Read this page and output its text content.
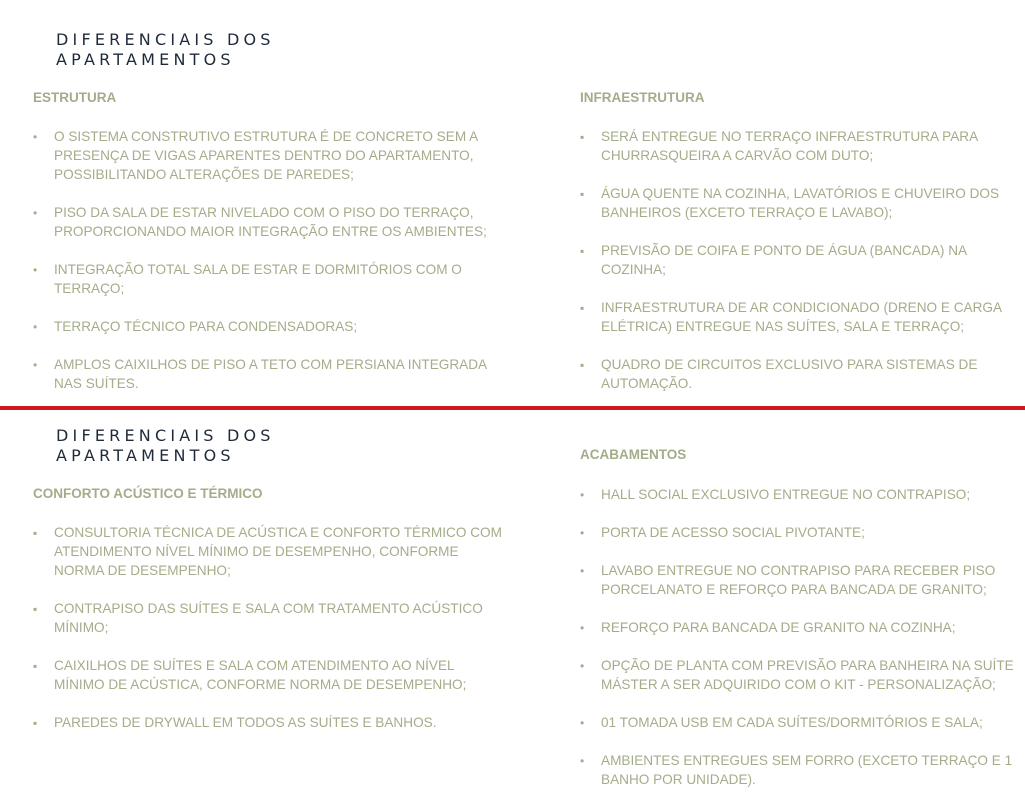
DIFERENCIAIS DOS
APARTAMENTOS
ESTRUTURA
•
O SISTEMA CONSTRUTIVO ESTRUTURA É DE CONCRETO SEM A
PRESENÇA DE VIGAS APARENTES DENTRO DO APARTAMENTO,
POSSIBILITANDO ALTERAÇÕES DE PAREDES;
•
PISO DA SALA DE ESTAR NIVELADO COM O PISO DO TERRAÇO,
PROPORCIONANDO MAIOR INTEGRAÇÃO ENTRE OS AMBIENTES;
•
INTEGRAÇÃO TOTAL SALA DE ESTAR E DORMITÓRIOS COM O
TERRAÇO;
•
TERRAÇO TÉCNICO PARA CONDENSADORAS;
•
AMPLOS CAIXILHOS DE PISO A TETO COM PERSIANA INTEGRADA
NAS SUÍTES.
INFRAESTRUTURA
▪
SERÁ ENTREGUE NO TERRAÇO INFRAESTRUTURA PARA
CHURRASQUEIRA A CARVÃO COM DUTO;
▪
ÁGUA QUENTE NA COZINHA, LAVATÓRIOS E CHUVEIRO DOS
BANHEIROS (EXCETO TERRAÇO E LAVABO);
▪
PREVISÃO DE COIFA E PONTO DE ÁGUA (BANCADA) NA
COZINHA;
▪
INFRAESTRUTURA DE AR CONDICIONADO (DRENO E CARGA
ELÉTRICA) ENTREGUE NAS SUÍTES, SALA E TERRAÇO;
▪
QUADRO DE CIRCUITOS EXCLUSIVO PARA SISTEMAS DE
AUTOMAÇÃO.
DIFERENCIAIS DOS
APARTAMENTOS
CONFORTO ACÚSTICO E TÉRMICO
▪
CONSULTORIA TÉCNICA DE ACÚSTICA E CONFORTO TÉRMICO COM
ATENDIMENTO NÍVEL MÍNIMO DE DESEMPENHO, CONFORME
NORMA DE DESEMPENHO;
▪
CONTRAPISO DAS SUÍTES E SALA COM TRATAMENTO ACÚSTICO
MÍNIMO;
▪
CAIXILHOS DE SUÍTES E SALA COM ATENDIMENTO AO NÍVEL
MÍNIMO DE ACÚSTICA, CONFORME NORMA DE DESEMPENHO;
▪
PAREDES DE DRYWALL EM TODOS AS SUÍTES E BANHOS.
ACABAMENTOS
•
HALL SOCIAL EXCLUSIVO ENTREGUE NO CONTRAPISO;
•
PORTA DE ACESSO SOCIAL PIVOTANTE;
•
LAVABO ENTREGUE NO CONTRAPISO PARA RECEBER PISO
PORCELANATO E REFORÇO PARA BANCADA DE GRANITO;
•
REFORÇO PARA BANCADA DE GRANITO NA COZINHA;
•
OPÇÃO DE PLANTA COM PREVISÃO PARA BANHEIRA NA SUÍTE
MÁSTER A SER ADQUIRIDO COM O KIT - PERSONALIZAÇÃO;
•
01 TOMADA USB EM CADA SUÍTES/DORMITÓRIOS E SALA;
•
AMBIENTES ENTREGUES SEM FORRO (EXCETO TERRAÇO E 1
BANHO POR UNIDADE).
